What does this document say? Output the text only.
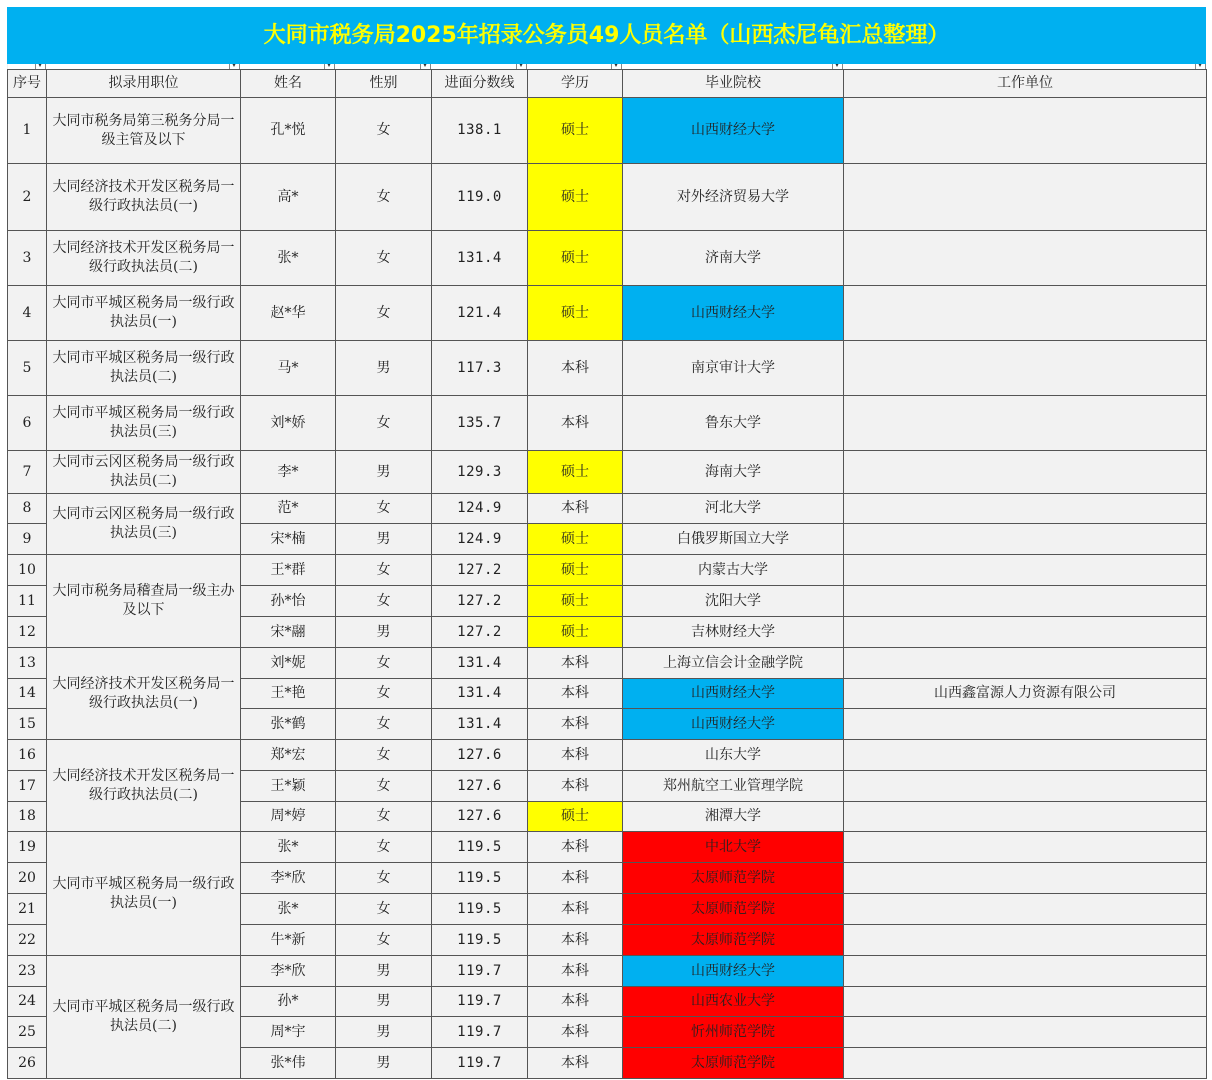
大同市税务局2025年招录公务员49人员名单（山西杰尼龟汇总整理）
▾	▾	▾	▾	▾	▾	▾	▾

序号	拟录用职位	姓名	性别	进面分数线	学历	毕业院校	工作单位
1	大同市税务局第三税务分局一级主管及以下	孔*悦	女	138.1	硕士	山西财经大学	
2	大同经济技术开发区税务局一级行政执法员(一)	高*	女	119.0	硕士	对外经济贸易大学	
3	大同经济技术开发区税务局一级行政执法员(二)	张*	女	131.4	硕士	济南大学	
4	大同市平城区税务局一级行政执法员(一)	赵*华	女	121.4	硕士	山西财经大学	
5	大同市平城区税务局一级行政执法员(二)	马*	男	117.3	本科	南京审计大学	
6	大同市平城区税务局一级行政执法员(三)	刘*娇	女	135.7	本科	鲁东大学	
7	大同市云冈区税务局一级行政执法员(二)	李*	男	129.3	硕士	海南大学	
8	大同市云冈区税务局一级行政执法员(三)	范*	女	124.9	本科	河北大学	
9		宋*楠	男	124.9	硕士	白俄罗斯国立大学	
10	大同市税务局稽查局一级主办及以下	王*群	女	127.2	硕士	内蒙古大学	
11		孙*怡	女	127.2	硕士	沈阳大学	
12		宋*翮	男	127.2	硕士	吉林财经大学	
13	大同经济技术开发区税务局一级行政执法员(一)	刘*妮	女	131.4	本科	上海立信会计金融学院	
14		王*艳	女	131.4	本科	山西财经大学	山西鑫富源人力资源有限公司
15		张*鹤	女	131.4	本科	山西财经大学	
16	大同经济技术开发区税务局一级行政执法员(二)	郑*宏	女	127.6	本科	山东大学	
17		王*颖	女	127.6	本科	郑州航空工业管理学院	
18		周*婷	女	127.6	硕士	湘潭大学	
19	大同市平城区税务局一级行政执法员(一)	张*	女	119.5	本科	中北大学	
20		李*欣	女	119.5	本科	太原师范学院	
21		张*	女	119.5	本科	太原师范学院	
22		牛*新	女	119.5	本科	太原师范学院	
23	大同市平城区税务局一级行政执法员(二)	李*欣	男	119.7	本科	山西财经大学	
24		孙*	男	119.7	本科	山西农业大学	
25		周*宇	男	119.7	本科	忻州师范学院	
26		张*伟	男	119.7	本科	太原师范学院	
